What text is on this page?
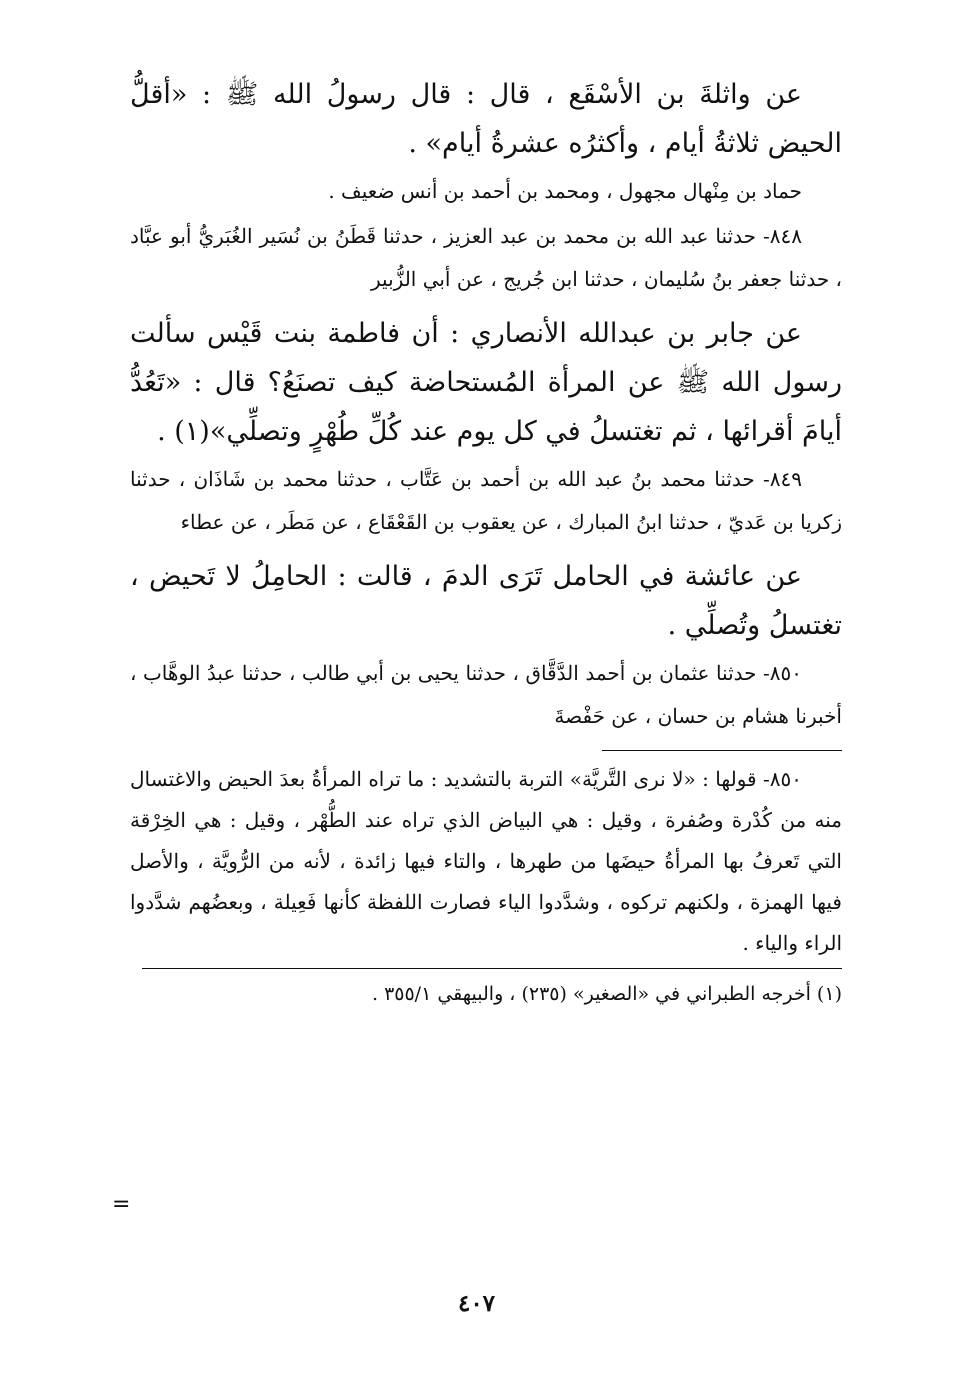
عن واثلةَ بن الأسْقَع ، قال : قال رسولُ الله ﷺ : «أقلُّ الحيض ثلاثةُ أيام ، وأكثرُه عشرةُ أيام» .

حماد بن مِنْهال مجهول ، ومحمد بن أحمد بن أنس ضعيف .

٨٤٨- حدثنا عبد الله بن محمد بن عبد العزيز ، حدثنا قَطَنُ بن نُسَير الغُبَريُّ أبو عبَّاد ، حدثنا جعفر بنُ سُليمان ، حدثنا ابن جُريج ، عن أبي الزُّبير

عن جابر بن عبدالله الأنصاري : أن فاطمة بنت قَيْس سألت رسول الله ﷺ عن المرأة المُستحاضة كيف تصنَعُ؟ قال : «تَعُدُّ أيامَ أقرائها ، ثم تغتسلُ في كل يوم عند كُلِّ طُهْرٍ وتصلِّي»(١) .

٨٤٩- حدثنا محمد بنُ عبد الله بن أحمد بن عَتَّاب ، حدثنا محمد بن شَاذَان ، حدثنا زكريا بن عَديّ ، حدثنا ابنُ المبارك ، عن يعقوب بن القَعْقَاع ، عن مَطَر ، عن عطاء

عن عائشة في الحامل تَرَى الدمَ ، قالت : الحامِلُ لا تَحيض ، تغتسلُ وتُصلِّي .

٨٥٠- حدثنا عثمان بن أحمد الدَّقَّاق ، حدثنا يحيى بن أبي طالب ، حدثنا عبدُ الوهَّاب ، أخبرنا هشام بن حسان ، عن حَفْصةَ

٨٥٠- قولها : «لا نرى التَّريَّة» التربة بالتشديد : ما تراه المرأةُ بعدَ الحيض والاغتسال منه من كُدْرة وصُفرة ، وقيل : هي البياض الذي تراه عند الطُّهْر ، وقيل : هي الخِرْقة التي تَعرفُ بها المرأةُ حيضَها من طهرها ، والتاء فيها زائدة ، لأنه من الرُّويَّة ، والأصل فيها الهمزة ، ولكنهم تركوه ، وشدَّدوا الياء فصارت اللفظة كأنها فَعِيلة ، وبعضُهم شدَّدوا الراء والياء .

(١) أخرجه الطبراني في «الصغير» (٢٣٥) ، والبيهقي ٣٥٥/١ .

=
٤٠٧
